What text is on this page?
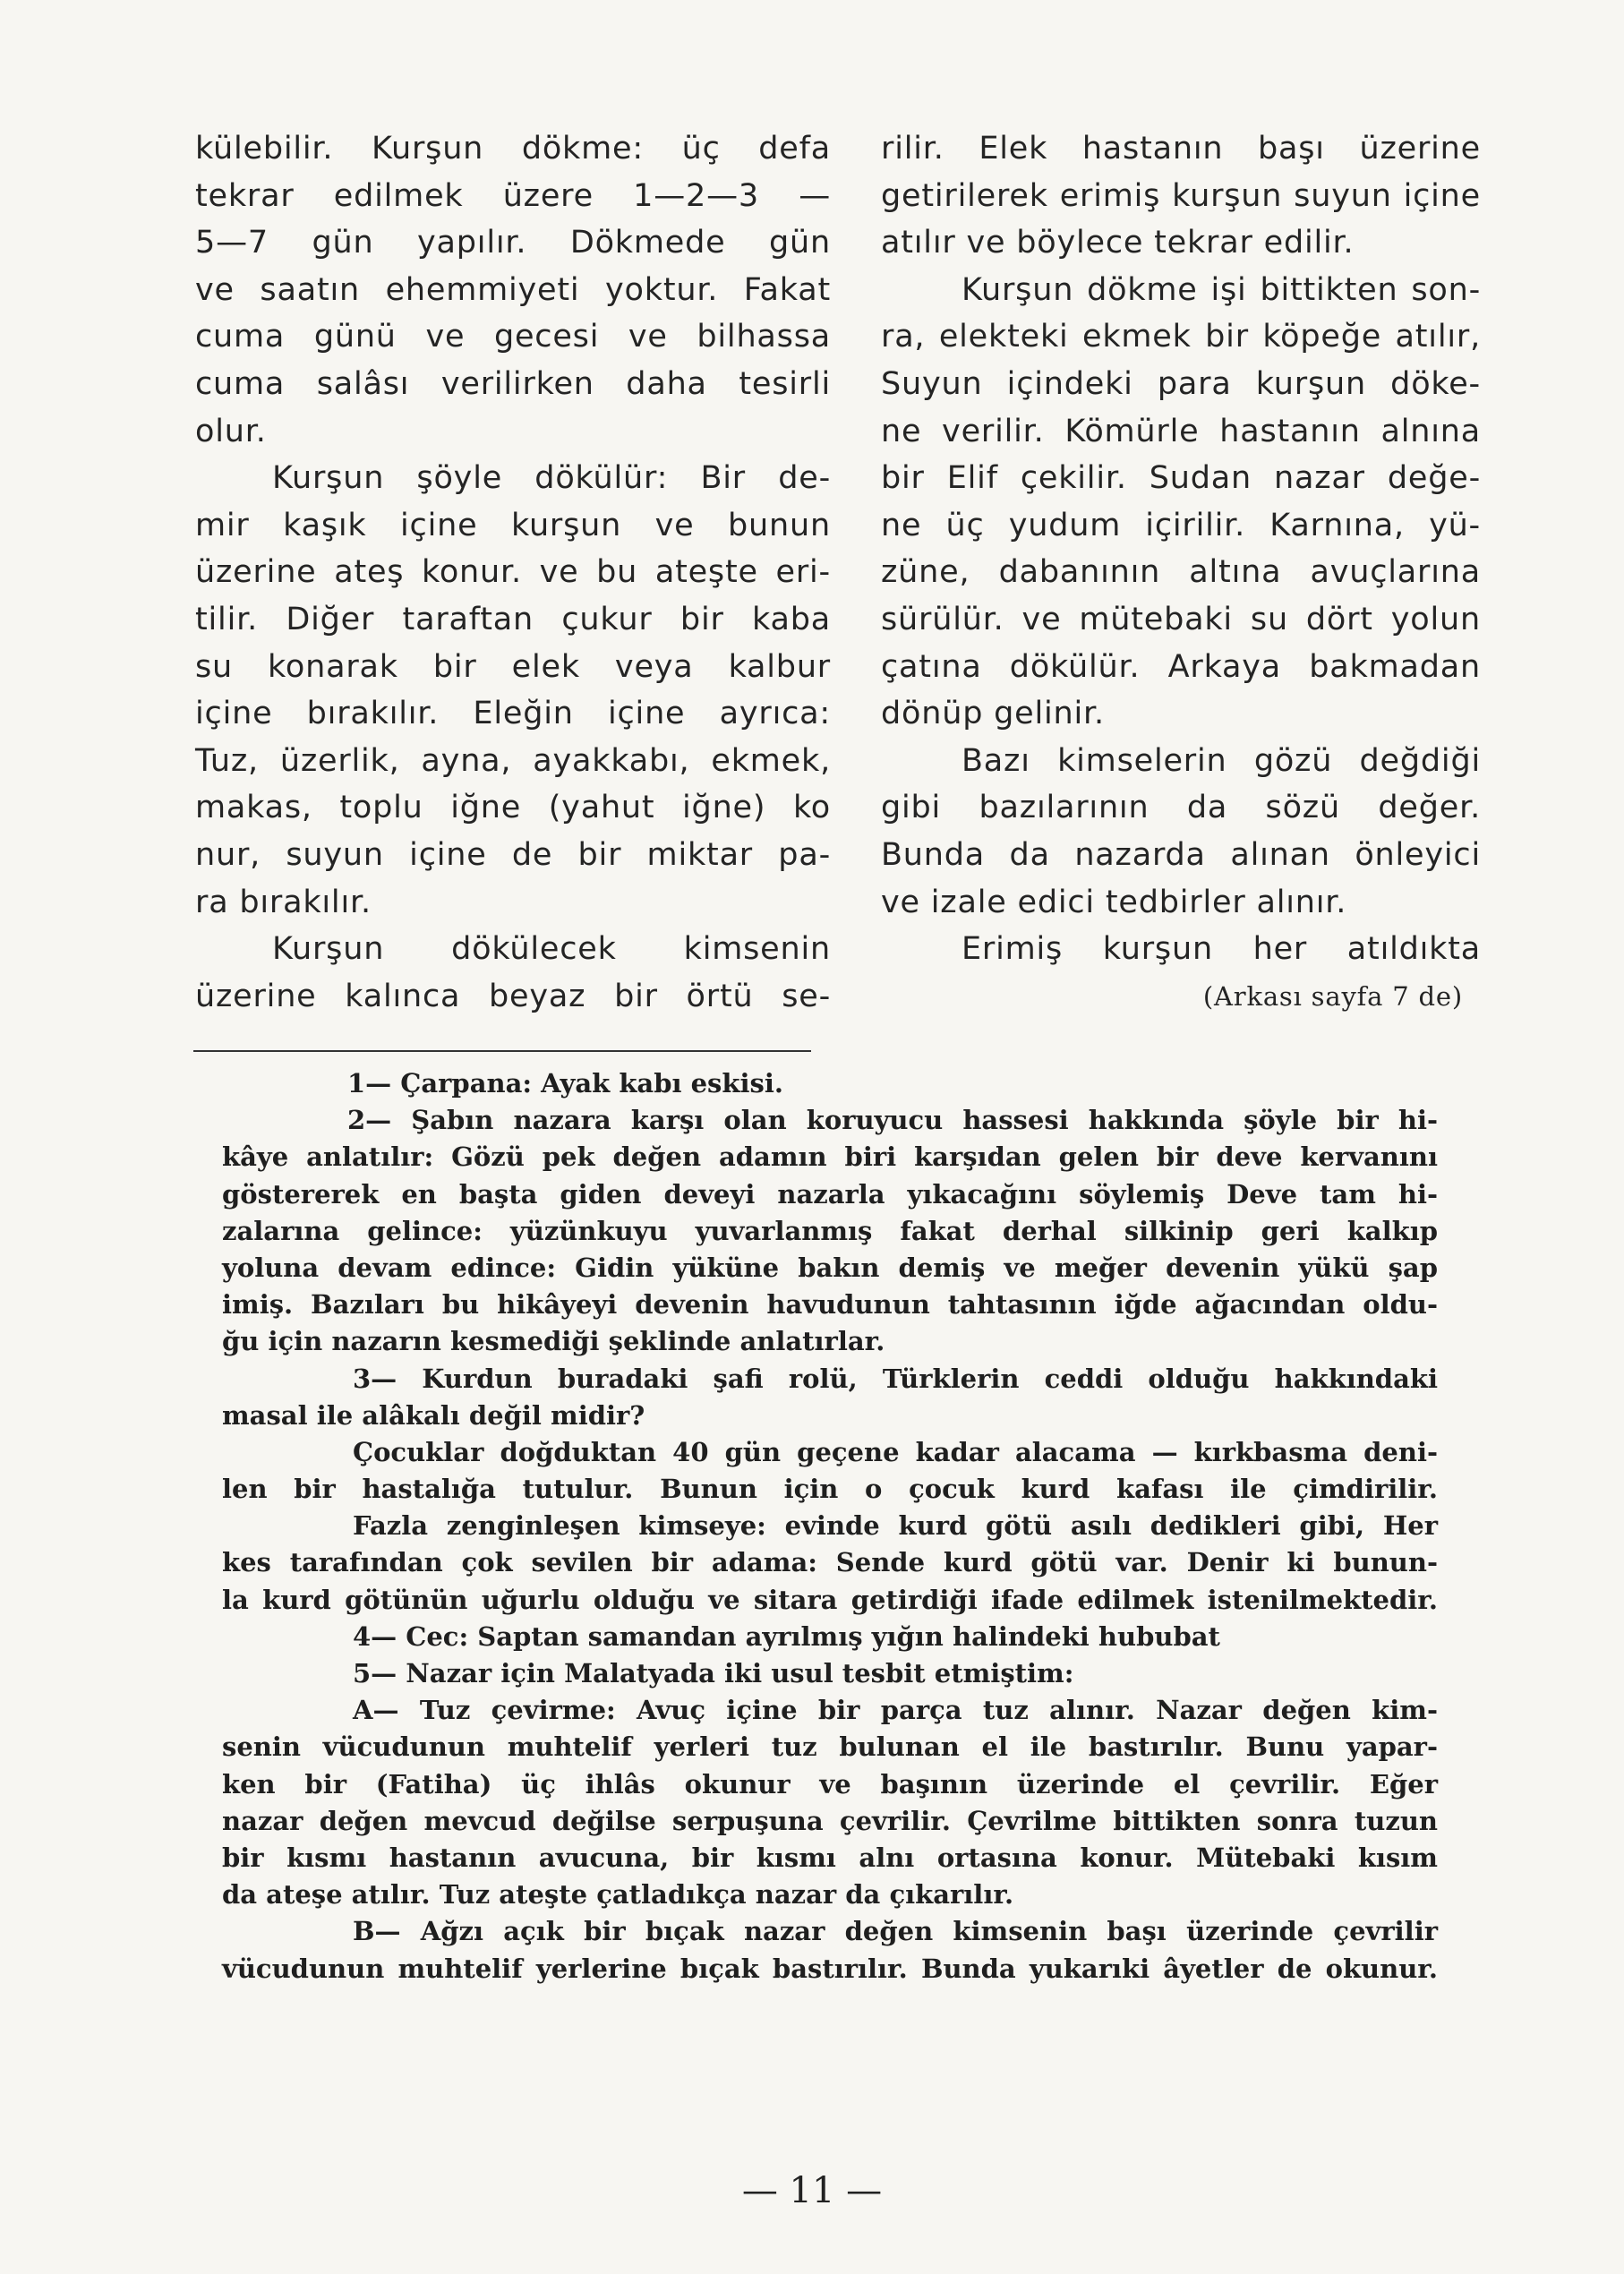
külebilir. Kurşun dökme: üç defa
tekrar edilmek üzere 1—2—3 —
5—7 gün yapılır. Dökmede gün
ve saatın ehemmiyeti yoktur. Fakat
cuma günü ve gecesi ve bilhassa
cuma salâsı verilirken daha tesirli
olur.
Kurşun şöyle dökülür: Bir de-
mir kaşık içine kurşun ve bunun
üzerine ateş konur. ve bu ateşte eri-
tilir. Diğer taraftan çukur bir kaba
su konarak bir elek veya kalbur
içine bırakılır. Eleğin içine ayrıca:
Tuz, üzerlik, ayna, ayakkabı, ekmek,
makas, toplu iğne (yahut iğne) ko
nur, suyun içine de bir miktar pa-
ra bırakılır.
Kurşun dökülecek kimsenin
üzerine kalınca beyaz bir örtü se-
rilir. Elek hastanın başı üzerine
getirilerek erimiş kurşun suyun içine
atılır ve böylece tekrar edilir.
Kurşun dökme işi bittikten son-
ra, elekteki ekmek bir köpeğe atılır,
Suyun içindeki para kurşun döke-
ne verilir. Kömürle hastanın alnına
bir Elif çekilir. Sudan nazar değe-
ne üç yudum içirilir. Karnına, yü-
züne, dabanının altına avuçlarına
sürülür. ve mütebaki su dört yolun
çatına dökülür. Arkaya bakmadan
dönüp gelinir.
Bazı kimselerin gözü değdiği
gibi bazılarının da sözü değer.
Bunda da nazarda alınan önleyici
ve izale edici tedbirler alınır.
Erimiş kurşun her atıldıkta
(Arkası sayfa 7 de)
1— Çarpana: Ayak kabı eskisi.
2— Şabın nazara karşı olan koruyucu hassesi hakkında şöyle bir hi-
kâye anlatılır: Gözü pek değen adamın biri karşıdan gelen bir deve kervanını
göstererek en başta giden deveyi nazarla yıkacağını söylemiş Deve tam hi-
zalarına gelince: yüzünkuyu yuvarlanmış fakat derhal silkinip geri kalkıp
yoluna devam edince: Gidin yüküne bakın demiş ve meğer devenin yükü şap
imiş. Bazıları bu hikâyeyi devenin havudunun tahtasının iğde ağacından oldu-
ğu için nazarın kesmediği şeklinde anlatırlar.
3— Kurdun buradaki şafi rolü, Türklerin ceddi olduğu hakkındaki
masal ile alâkalı değil midir?
Çocuklar doğduktan 40 gün geçene kadar alacama — kırkbasma deni-
len bir hastalığa tutulur. Bunun için o çocuk kurd kafası ile çimdirilir.
Fazla zenginleşen kimseye: evinde kurd götü asılı dedikleri gibi, Her
kes tarafından çok sevilen bir adama: Sende kurd götü var. Denir ki bunun-
la kurd götünün uğurlu olduğu ve sitara getirdiği ifade edilmek istenilmektedir.
4— Cec: Saptan samandan ayrılmış yığın halindeki hububat
5— Nazar için Malatyada iki usul tesbit etmiştim:
A— Tuz çevirme: Avuç içine bir parça tuz alınır. Nazar değen kim-
senin vücudunun muhtelif yerleri tuz bulunan el ile bastırılır. Bunu yapar-
ken bir (Fatiha) üç ihlâs okunur ve başının üzerinde el çevrilir. Eğer
nazar değen mevcud değilse serpuşuna çevrilir. Çevrilme bittikten sonra tuzun
bir kısmı hastanın avucuna, bir kısmı alnı ortasına konur. Mütebaki kısım
da ateşe atılır. Tuz ateşte çatladıkça nazar da çıkarılır.
B— Ağzı açık bir bıçak nazar değen kimsenin başı üzerinde çevrilir
vücudunun muhtelif yerlerine bıçak bastırılır. Bunda yukarıki âyetler de okunur.
— 11 —
